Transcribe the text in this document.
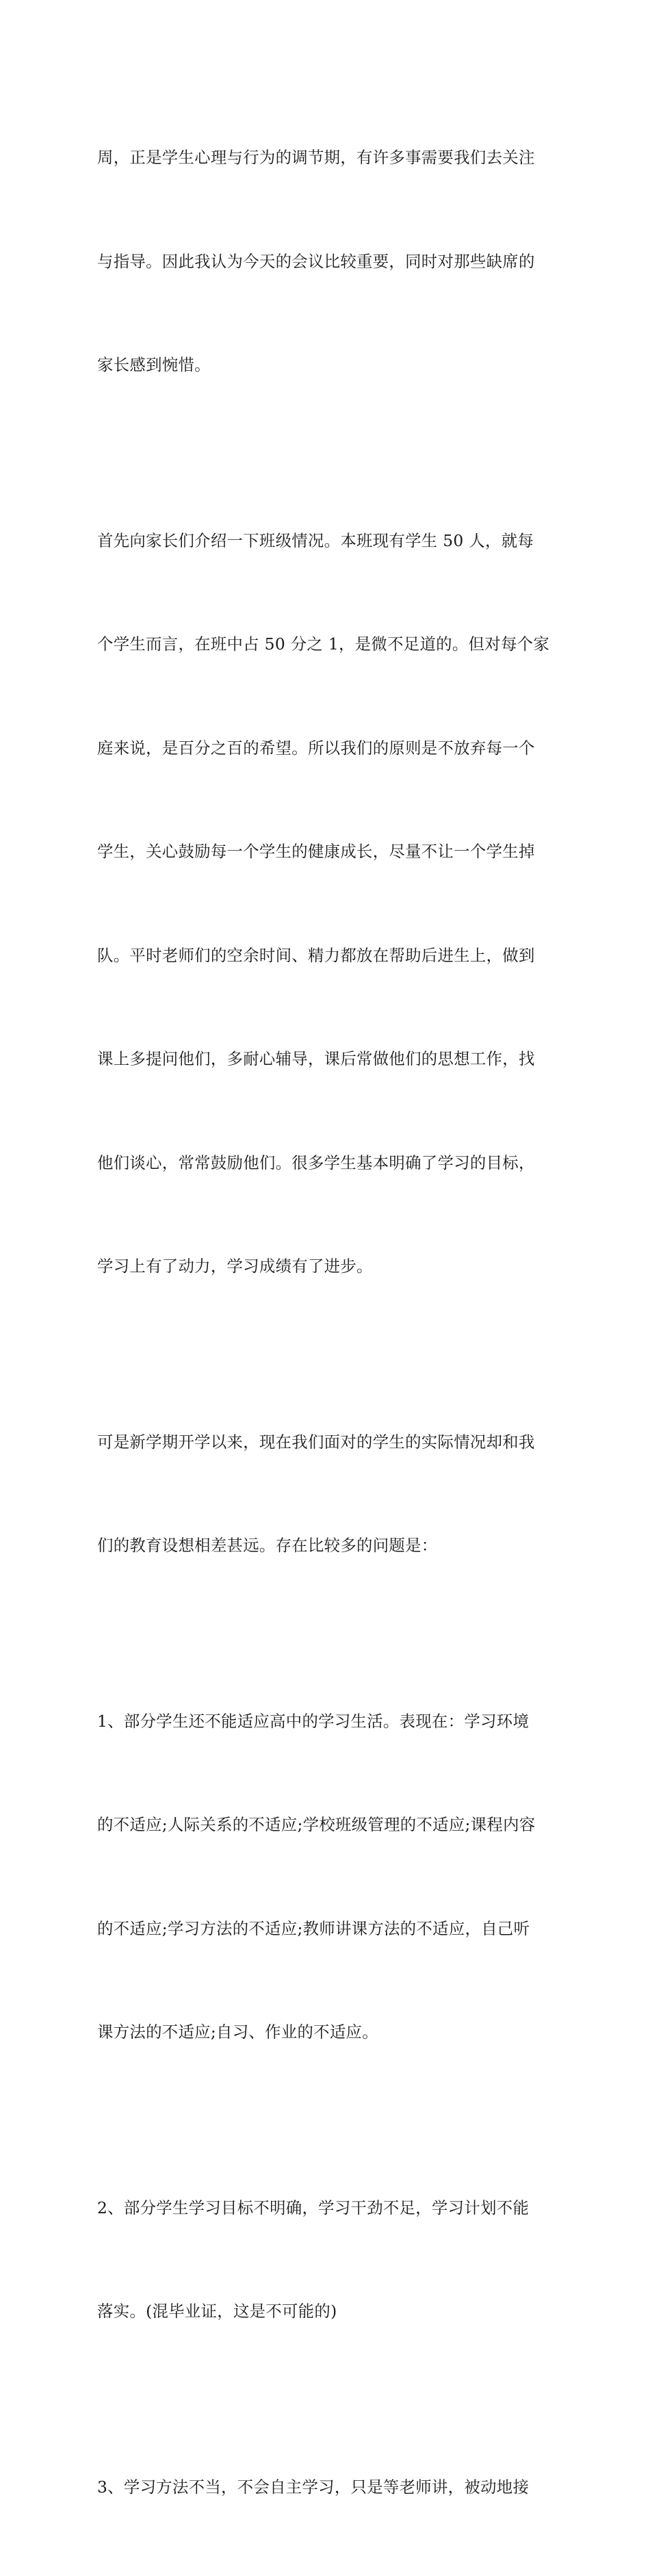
周，正是学生心理与行为的调节期，有许多事需要我们去关注

与指导。因此我认为今天的会议比较重要，同时对那些缺席的

家长感到惋惜。

首先向家长们介绍一下班级情况。本班现有学生 50 人，就每

个学生而言，在班中占 50 分之 1，是微不足道的。但对每个家

庭来说，是百分之百的希望。所以我们的原则是不放弃每一个

学生，关心鼓励每一个学生的健康成长，尽量不让一个学生掉

队。平时老师们的空余时间、精力都放在帮助后进生上，做到

课上多提问他们，多耐心辅导，课后常做他们的思想工作，找

他们谈心，常常鼓励他们。很多学生基本明确了学习的目标，

学习上有了动力，学习成绩有了进步。

可是新学期开学以来，现在我们面对的学生的实际情况却和我

们的教育设想相差甚远。存在比较多的问题是：

1、部分学生还不能适应高中的学习生活。表现在：学习环境

的不适应;人际关系的不适应;学校班级管理的不适应;课程内容

的不适应;学习方法的不适应;教师讲课方法的不适应，自己听

课方法的不适应;自习、作业的不适应。

2、部分学生学习目标不明确，学习干劲不足，学习计划不能

落实。(混毕业证，这是不可能的)

3、学习方法不当，不会自主学习，只是等老师讲，被动地接
